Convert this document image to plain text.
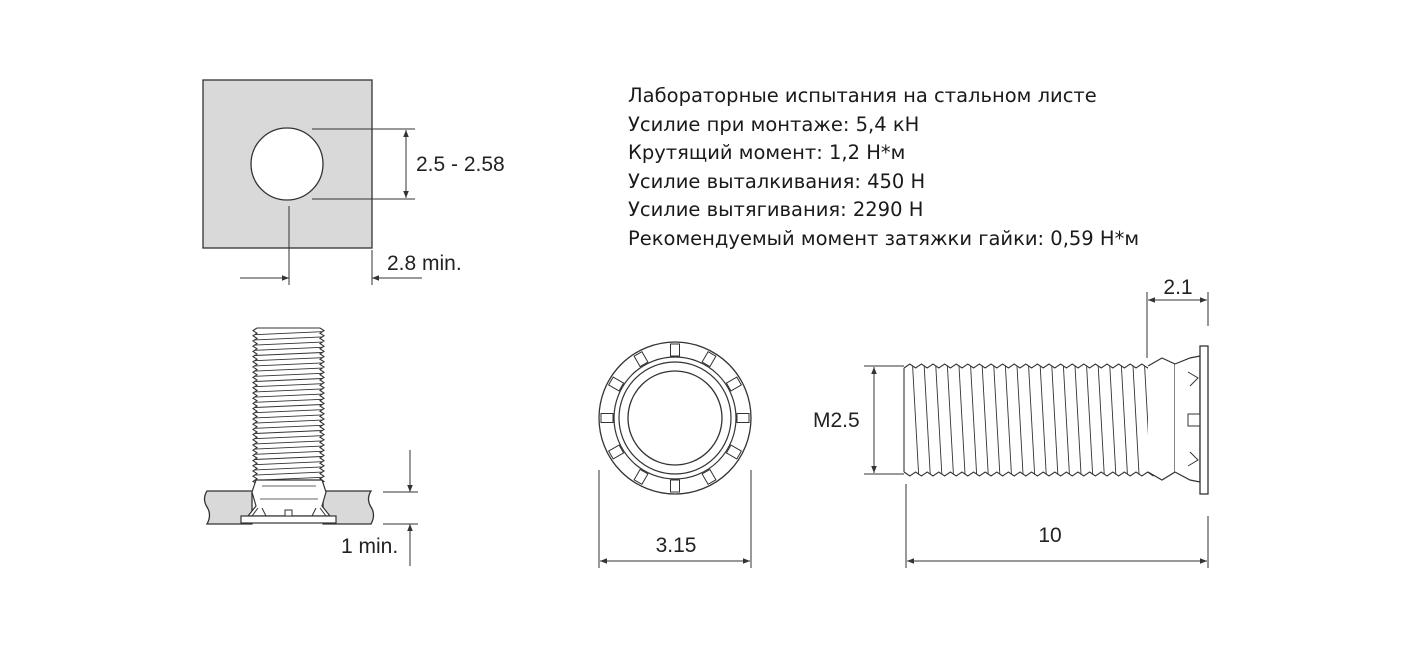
2.5 - 2.58
2.8 min.
1 min.	3.15
M2.5
2.1
10
Лабораторные испытания на стальном листе
Усилие при монтаже: 5,4 кН
Крутящий момент: 1,2 Н*м
Усилие выталкивания: 450 Н
Усилие вытягивания: 2290 Н
Рекомендуемый момент затяжки гайки: 0,59 Н*м
